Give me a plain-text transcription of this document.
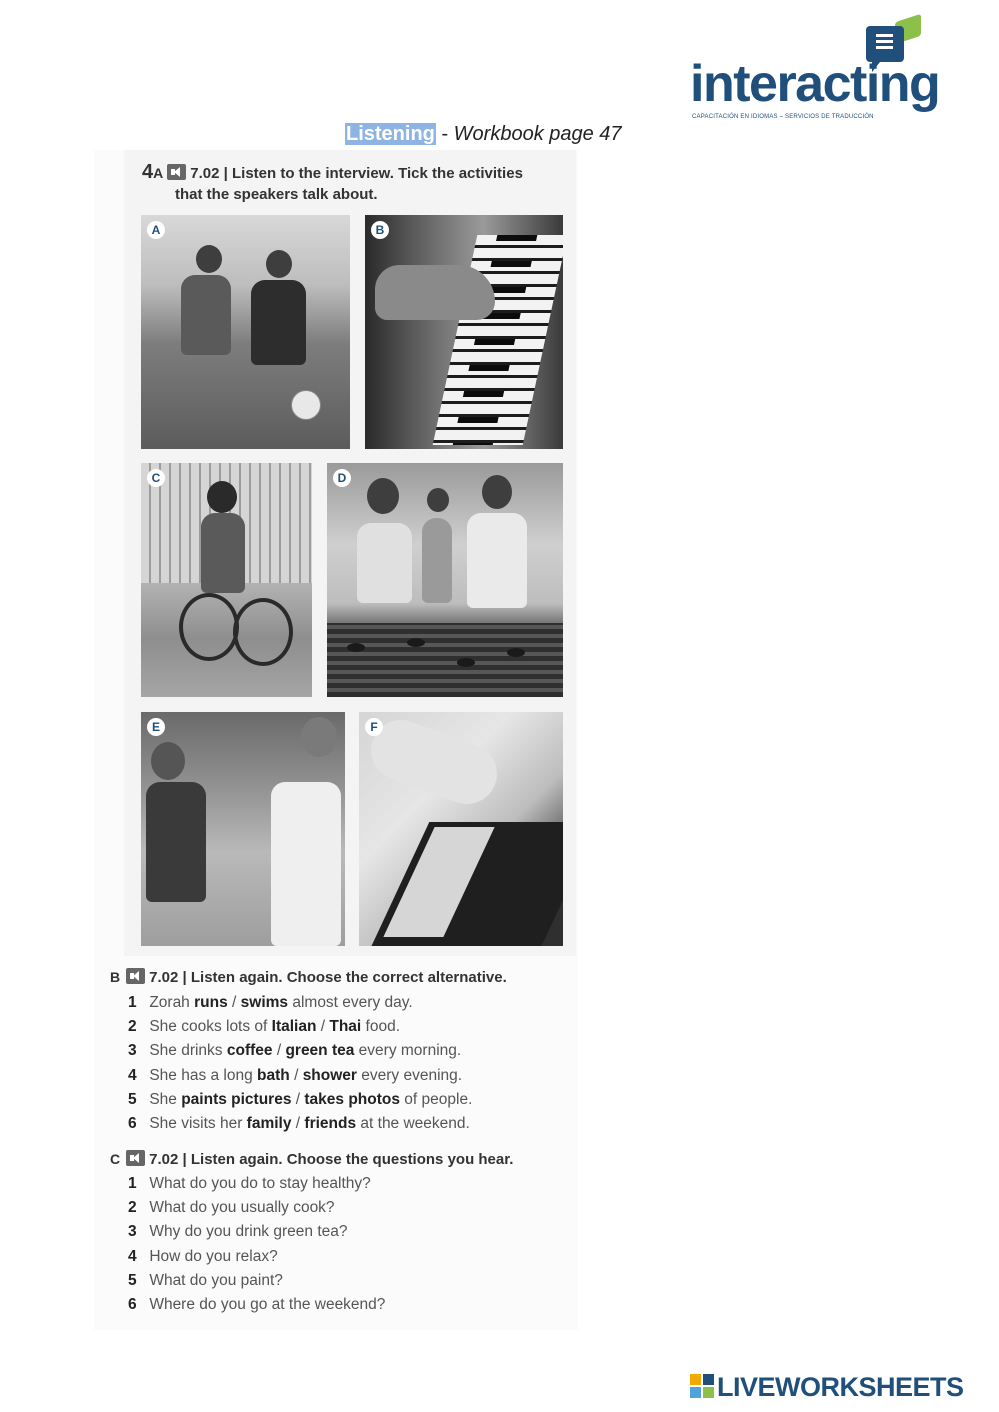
•••
interacting
CAPACITACIÓN EN IDIOMAS – SERVICIOS DE TRADUCCIÓN
Listening - Workbook page 47
4A 7.02 | Listen to the interview. Tick the activities
that the speakers talk about.
A	B
C	D
E	F
B 7.02 | Listen again. Choose the correct alternative.
1 Zorah runs / swims almost every day.
2 She cooks lots of Italian / Thai food.
3 She drinks coffee / green tea every morning.
4 She has a long bath / shower every evening.
5 She paints pictures / takes photos of people.
6 She visits her family / friends at the weekend.
C 7.02 | Listen again. Choose the questions you hear.
1 What do you do to stay healthy?
2 What do you usually cook?
3 Why do you drink green tea?
4 How do you relax?
5 What do you paint?
6 Where do you go at the weekend?
LIVEWORKSHEETS
